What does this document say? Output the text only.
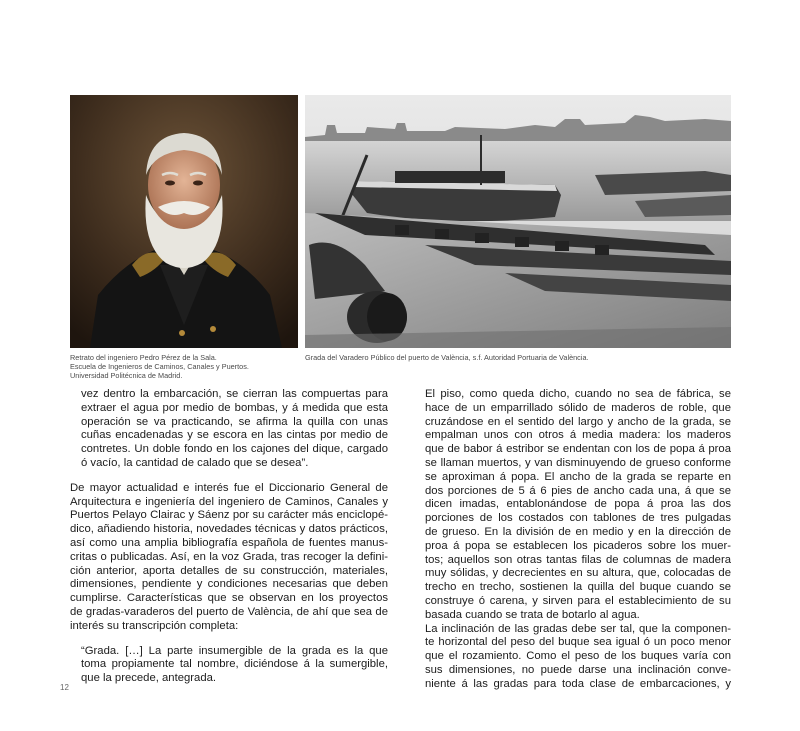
Retrato del ingeniero Pedro Pérez de la Sala.
Escuela de Ingenieros de Caminos, Canales y Puertos.
Universidad Politécnica de Madrid.
Grada del Varadero Público del puerto de València, s.f. Autoridad Portuaria de València.
vez dentro la embarcación, se cierran las compuertas para
extraer el agua por medio de bombas, y á medida que esta
operación se va practicando, se afirma la quilla con unas
cuñas encadenadas y se escora en las cintas por medio de
contretes. Un doble fondo en los cajones del dique, cargado
ó vacío, la cantidad de calado que se desea”.
De mayor actualidad e interés fue el Diccionario General de
Arquitectura e ingeniería del ingeniero de Caminos, Canales y
Puertos Pelayo Clairac y Sáenz por su carácter más enciclopé-
dico, añadiendo historia, novedades técnicas y datos prácticos,
así como una amplia bibliografía española de fuentes manus-
critas o publicadas. Así, en la voz Grada, tras recoger la defini-
ción anterior, aporta detalles de su construcción, materiales,
dimensiones, pendiente y condiciones necesarias que deben
cumplirse. Características que se observan en los proyectos
de gradas-varaderos del puerto de València, de ahí que sea de
interés su transcripción completa:
“Grada. […] La parte insumergible de la grada es la que
toma propiamente tal nombre, diciéndose á la sumergible,
que la precede, antegrada.
El piso, como queda dicho, cuando no sea de fábrica, se
hace de un emparrillado sólido de maderos de roble, que
cruzándose en el sentido del largo y ancho de la grada, se
empalman unos con otros á media madera: los maderos
que de babor á estribor se endentan con los de popa á proa
se llaman muertos, y van disminuyendo de grueso conforme
se aproximan á popa. El ancho de la grada se reparte en
dos porciones de 5 á 6 pies de ancho cada una, á que se
dicen imadas, entablonándose de popa á proa las dos
porciones de los costados con tablones de tres pulgadas
de grueso. En la división de en medio y en la dirección de
proa á popa se establecen los picaderos sobre los muer-
tos; aquellos son otras tantas filas de columnas de madera
muy sólidas, y decrecientes en su altura, que, colocadas de
trecho en trecho, sostienen la quilla del buque cuando se
construye ó carena, y sirven para el establecimiento de su
basada cuando se trata de botarlo al agua.
La inclinación de las gradas debe ser tal, que la componen-
te horizontal del peso del buque sea igual ó un poco menor
que el rozamiento. Como el peso de los buques varía con
sus dimensiones, no puede darse una inclinación conve-
niente á las gradas para toda clase de embarcaciones, y
12
